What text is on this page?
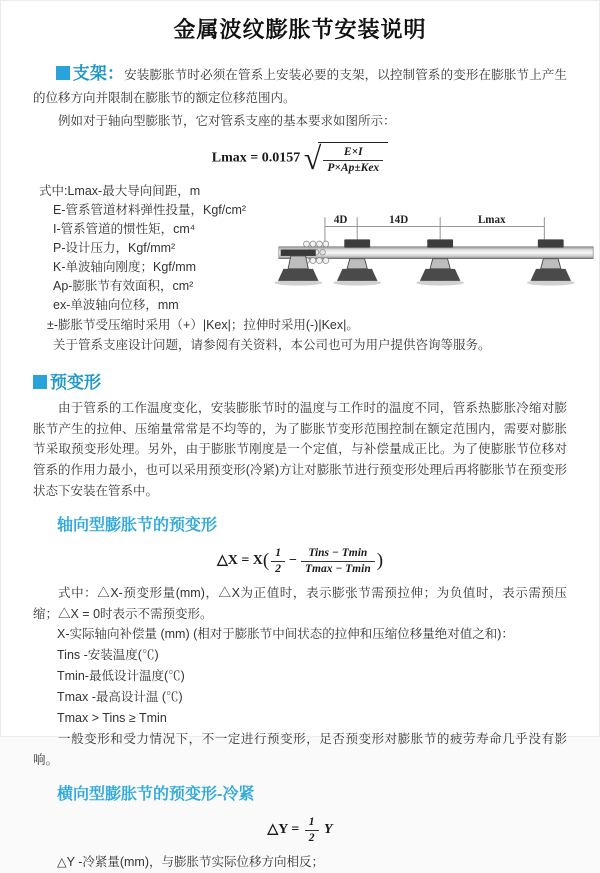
金属波纹膨胀节安装说明

支架：安装膨胀节时必须在管系上安装必要的支架，以控制管系的变形在膨胀节上产生的位移方向并限制在膨胀节的额定位移范围内。

例如对于轴向型膨胀节，它对管系支座的基本要求如图所示：

Lmax = 0.0157 √ $\frac{E\times I}{\text{P×Ap±Kex}}$
式中:Lmax-最大导向间距，m
E-管系管道材料弹性投量，Kgf/cm²
I-管系管道的惯性矩，cm⁴
P-设计压力，Kgf/mm²
K-单波轴向刚度；Kgf/mm
Ap-膨胀节有效面积，cm²
ex-单波轴向位移，mm
4D	14D	Lmax
±-膨胀节受压缩时采用（+）|Kex|；拉伸时采用(-)|Kex|。
关于管系支座设计问题，请参阅有关资料，本公司也可为用户提供咨询等服务。
预变形

由于管系的工作温度变化，安装膨胀节时的温度与工作时的温度不同，管系热膨胀冷缩对膨胀节产生的拉伸、压缩量常常是不均等的，为了膨胀节变形范围控制在额定范围内，需要对膨胀节采取预变形处理。另外，由于膨胀节刚度是一个定值，与补偿量成正比。为了使膨胀节位移对管系的作用力最小，也可以采用预变形(冷紧)方让对膨胀节进行预变形处理后再将膨胀节在预变形状态下安装在管系中。

轴向型膨胀节的预变形
△X = $X( \frac{1}{2} - \frac{\text{Tins − Tmin}}{Tmax - Tmin}$ )

式中：△X-预变形量(mm)，△X为正值时，表示膨张节需预拉伸；为负值时，表示需预压缩；△X = 0时表示不需预变形。

X-实际轴向补偿量 (mm) (相对于膨胀节中间状态的拉伸和压缩位移量绝对值之和)：
Tins -安装温度(℃)
Tmin-最低设计温度(℃)
Tmax -最高设计温 (℃)
Tmax > Tins ≥ Tmin

一般变形和受力情况下，不一定进行预变形，足否预变形对膨胀节的疲劳寿命几乎没有影响。

横向型膨胀节的预变形-冷紧
△Y = $\frac{1}{2}$ Y
△Y -冷紧量(mm)，与膨胀节实际位移方向相反；
